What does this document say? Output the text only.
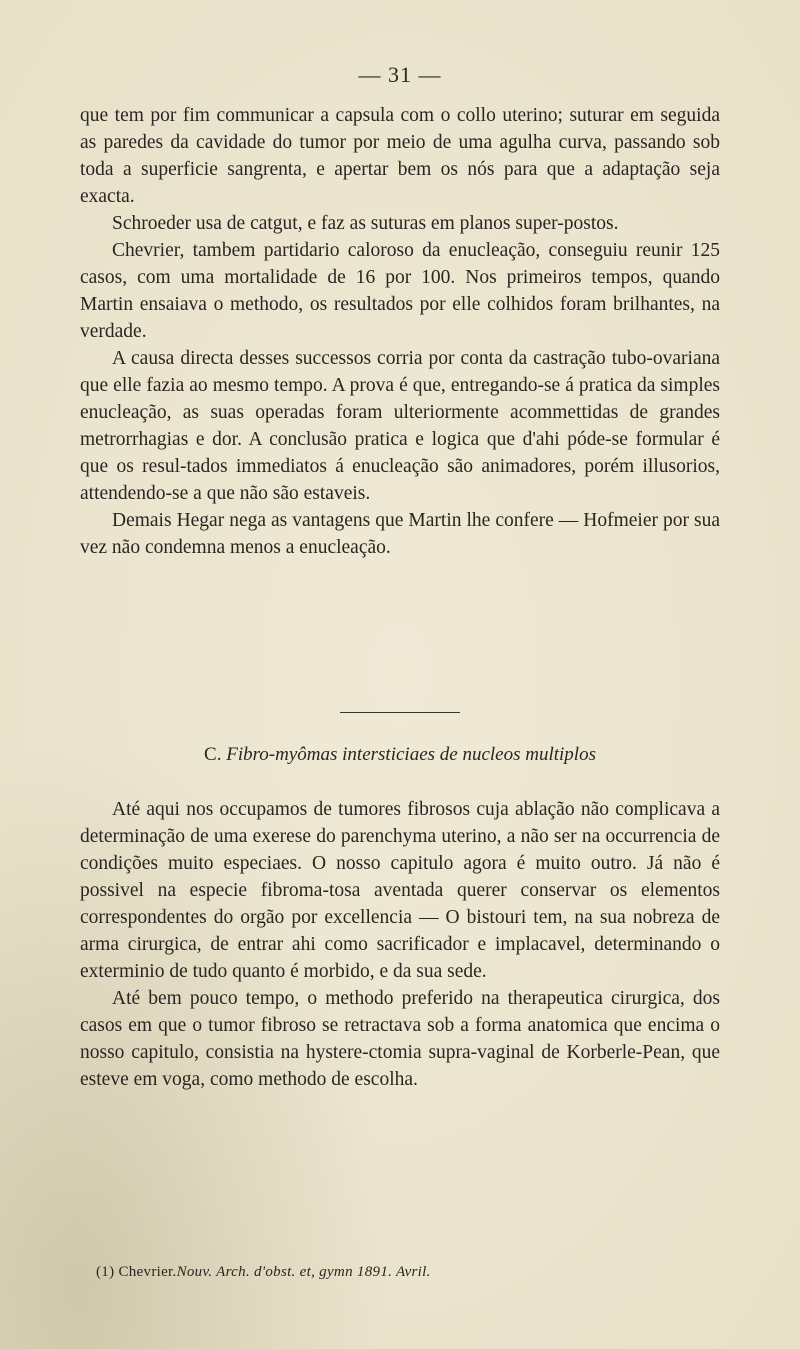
— 31 —

que tem por fim communicar a capsula com o collo uterino; suturar em seguida as paredes da cavidade do tumor por meio de uma agulha curva, passando sob toda a superficie sangrenta, e apertar bem os nós para que a adaptação seja exacta.

Schroeder usa de catgut, e faz as suturas em planos super-postos.

Chevrier, tambem partidario caloroso da enucleação, conseguiu reunir 125 casos, com uma mortalidade de 16 por 100. Nos primeiros tempos, quando Martin ensaiava o methodo, os resultados por elle colhidos foram brilhantes, na verdade.

A causa directa desses successos corria por conta da castração tubo-ovariana que elle fazia ao mesmo tempo. A prova é que, entregando-se á pratica da simples enucleação, as suas operadas foram ulteriormente acommettidas de grandes metrorrhagias e dor. A conclusão pratica e logica que d'ahi póde-se formular é que os resul-tados immediatos á enucleação são animadores, porém illusorios, attendendo-se a que não são estaveis.

Demais Hegar nega as vantagens que Martin lhe confere — Hofmeier por sua vez não condemna menos a enucleação.

C. Fibro-myômas intersticiaes de nucleos multiplos

Até aqui nos occupamos de tumores fibrosos cuja ablação não complicava a determinação de uma exerese do parenchyma uterino, a não ser na occurrencia de condições muito especiaes. O nosso capitulo agora é muito outro. Já não é possivel na especie fibroma-tosa aventada querer conservar os elementos correspondentes do orgão por excellencia — O bistouri tem, na sua nobreza de arma cirurgica, de entrar ahi como sacrificador e implacavel, determinando o exterminio de tudo quanto é morbido, e da sua sede.

Até bem pouco tempo, o methodo preferido na therapeutica cirurgica, dos casos em que o tumor fibroso se retractava sob a forma anatomica que encima o nosso capitulo, consistia na hystere-ctomia supra-vaginal de Korberle-Pean, que esteve em voga, como methodo de escolha.

(1) Chevrier.Nouv. Arch. d'obst. et, gymn 1891. Avril.
